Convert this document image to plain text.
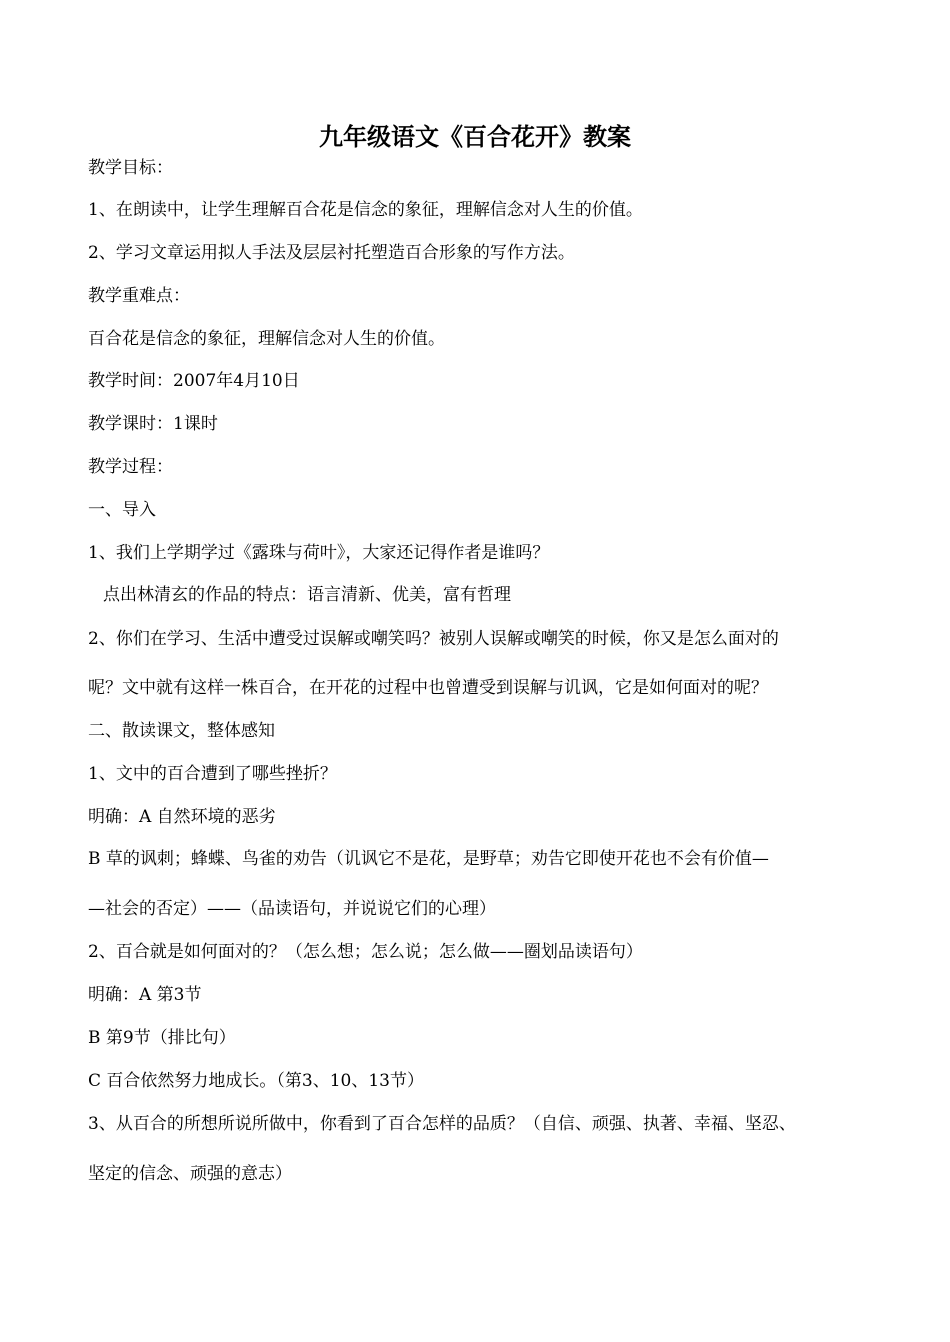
九年级语文《百合花开》教案
教学目标：
1、在朗读中，让学生理解百合花是信念的象征，理解信念对人生的价值。
2、学习文章运用拟人手法及层层衬托塑造百合形象的写作方法。
教学重难点：
百合花是信念的象征，理解信念对人生的价值。
教学时间：2007年4月10日
教学课时：1课时
教学过程：
一、导入
1、我们上学期学过《露珠与荷叶》，大家还记得作者是谁吗？
点出林清玄的作品的特点：语言清新、优美，富有哲理
2、你们在学习、生活中遭受过误解或嘲笑吗？被别人误解或嘲笑的时候，你又是怎么面对的
呢？文中就有这样一株百合，在开花的过程中也曾遭受到误解与讥讽，它是如何面对的呢？
二、散读课文，整体感知
1、文中的百合遭到了哪些挫折？
明确：A 自然环境的恶劣
B 草的讽刺；蜂蝶、鸟雀的劝告（讥讽它不是花，是野草；劝告它即使开花也不会有价值—
—社会的否定）——（品读语句，并说说它们的心理）
2、百合就是如何面对的？（怎么想；怎么说；怎么做——圈划品读语句）
明确：A 第3节
B 第9节（排比句）
C 百合依然努力地成长。（第3、10、13节）
3、从百合的所想所说所做中，你看到了百合怎样的品质？（自信、顽强、执著、幸福、坚忍、
坚定的信念、顽强的意志）
